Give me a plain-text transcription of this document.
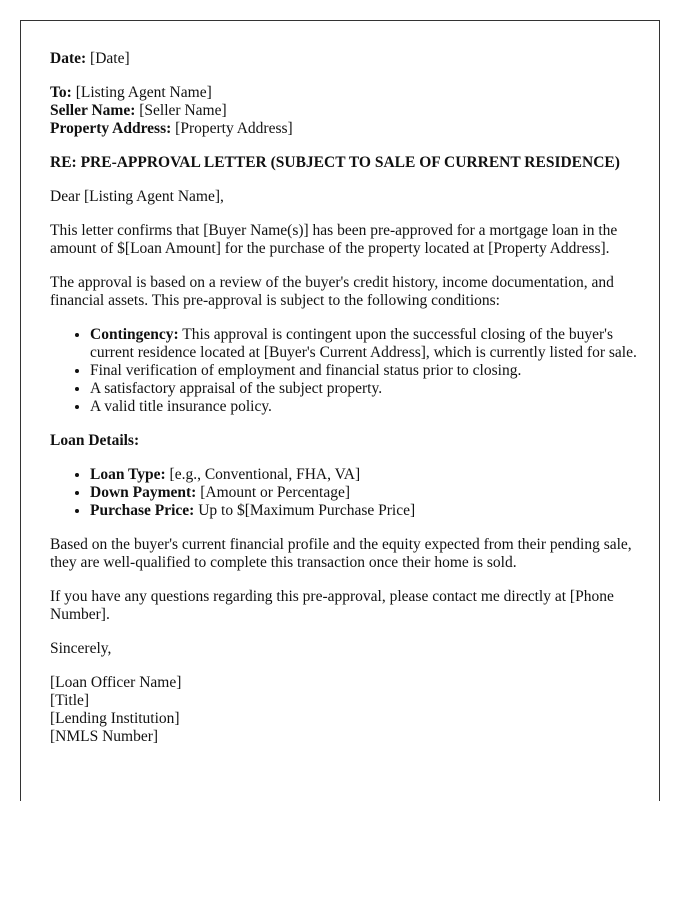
Date: [Date]

To: [Listing Agent Name]
Seller Name: [Seller Name]
Property Address: [Property Address]

RE: PRE-APPROVAL LETTER (SUBJECT TO SALE OF CURRENT RESIDENCE)

Dear [Listing Agent Name],

This letter confirms that [Buyer Name(s)] has been pre-approved for a mortgage loan in the amount of $[Loan Amount] for the purchase of the property located at [Property Address].

The approval is based on a review of the buyer's credit history, income documentation, and financial assets. This pre-approval is subject to the following conditions:

• Contingency: This approval is contingent upon the successful closing of the buyer's current residence located at [Buyer's Current Address], which is currently listed for sale.
• Final verification of employment and financial status prior to closing.
• A satisfactory appraisal of the subject property.
• A valid title insurance policy.

Loan Details:

• Loan Type: [e.g., Conventional, FHA, VA]
• Down Payment: [Amount or Percentage]
• Purchase Price: Up to $[Maximum Purchase Price]

Based on the buyer's current financial profile and the equity expected from their pending sale, they are well-qualified to complete this transaction once their home is sold.

If you have any questions regarding this pre-approval, please contact me directly at [Phone Number].

Sincerely,

[Loan Officer Name]

[Title]

[Lending Institution]

[NMLS Number]
